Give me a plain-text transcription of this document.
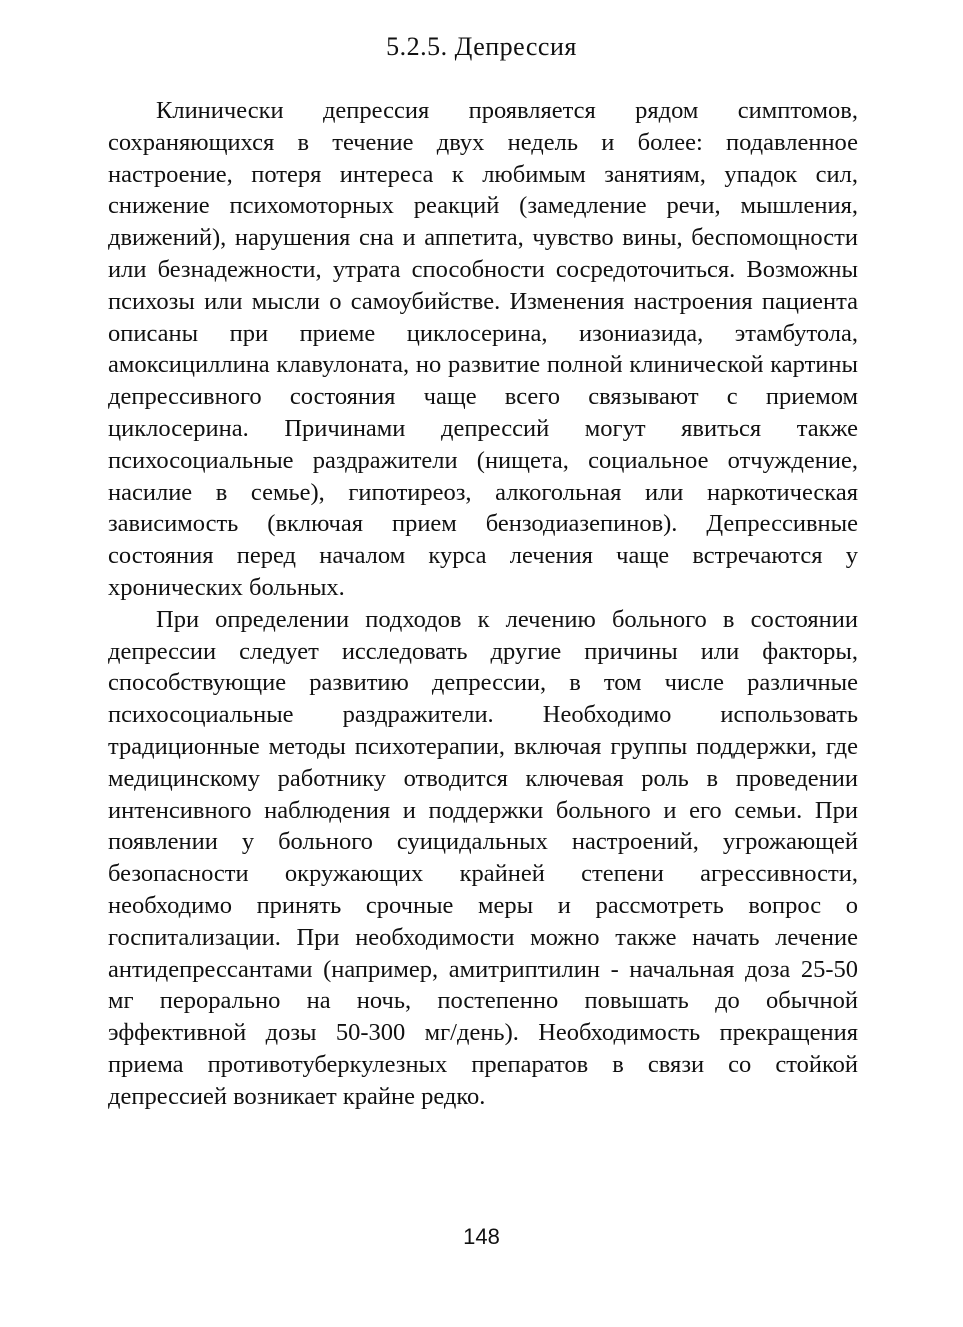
5.2.5. Депрессия

Клинически депрессия проявляется рядом симптомов, сохраняющихся в течение двух недель и более: подавленное настроение, потеря интереса к любимым занятиям, упадок сил, снижение психомоторных реакций (замедление речи, мышления, движений), нарушения сна и аппетита, чувство вины, беспомощности или безнадежности, утрата способности сосредоточиться. Возможны психозы или мысли о самоубийстве. Изменения настроения пациента описаны при приеме циклосерина, изониазида, этамбутола, амоксициллина клавулоната, но развитие полной клинической картины депрессивного состояния чаще всего связывают с приемом циклосерина. Причинами депрессий могут явиться также психосоциальные раздражители (нищета, социальное отчуждение, насилие в семье), гипотиреоз, алкогольная или наркотическая зависимость (включая прием бензодиазепинов). Депрессивные состояния перед началом курса лечения чаще встречаются у хронических больных.

При определении подходов к лечению больного в состоянии депрессии следует исследовать другие причины или факторы, способствующие развитию депрессии, в том числе различные психосоциальные раздражители. Необходимо использовать традиционные методы психотерапии, включая группы поддержки, где медицинскому работнику отводится ключевая роль в проведении интенсивного наблюдения и поддержки больного и его семьи. При появлении у больного суицидальных настроений, угрожающей безопасности окружающих крайней степени агрессивности, необходимо принять срочные меры и рассмотреть вопрос о госпитализации. При необходимости можно также начать лечение антидепрессантами (например, амитриптилин - начальная доза 25-50 мг перорально на ночь, постепенно повышать до обычной эффективной дозы 50-300 мг/день). Необходимость прекращения приема противотуберкулезных препаратов в связи со стойкой депрессией возникает крайне редко.

148
